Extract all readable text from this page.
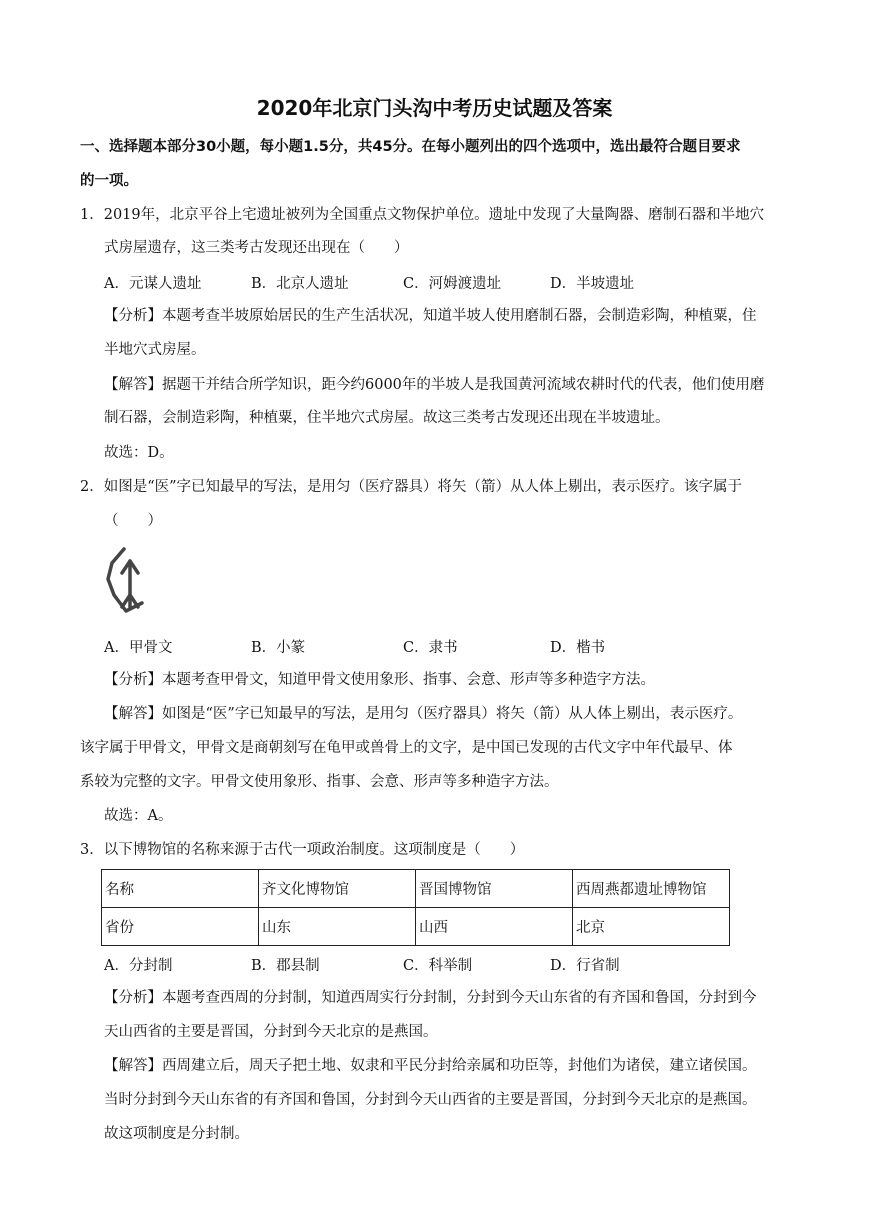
2020年北京门头沟中考历史试题及答案
一、选择题本部分30小题，每小题1.5分，共45分。在每小题列出的四个选项中，选出最符合题目要求
的一项。
1．2019年，北京平谷上宅遗址被列为全国重点文物保护单位。遗址中发现了大量陶器、磨制石器和半地穴
式房屋遗存，这三类考古发现还出现在（　　）
A．元谋人遗址	B．北京人遗址	C．河姆渡遗址	D．半坡遗址
【分析】本题考查半坡原始居民的生产生活状况，知道半坡人使用磨制石器，会制造彩陶，种植粟，住
半地穴式房屋。
【解答】据题干并结合所学知识，距今约6000年的半坡人是我国黄河流域农耕时代的代表，他们使用磨
制石器，会制造彩陶，种植粟，住半地穴式房屋。故这三类考古发现还出现在半坡遗址。
故选：D。
2．如图是“医”字已知最早的写法，是用匀（医疗器具）将矢（箭）从人体上剔出，表示医疗。该字属于
（　　）
A．甲骨文	B．小篆	C．隶书	D．楷书
【分析】本题考查甲骨文，知道甲骨文使用象形、指事、会意、形声等多种造字方法。
【解答】如图是“医”字已知最早的写法，是用匀（医疗器具）将矢（箭）从人体上剔出，表示医疗。
该字属于甲骨文，甲骨文是商朝刻写在龟甲或兽骨上的文字，是中国已发现的古代文字中年代最早、体
系较为完整的文字。甲骨文使用象形、指事、会意、形声等多种造字方法。
故选：A。
3．以下博物馆的名称来源于古代一项政治制度。这项制度是（　　）
名称	齐文化博物馆	晋国博物馆	西周燕都遗址博物馆
省份	山东	山西	北京
A．分封制	B．郡县制	C．科举制	D．行省制
【分析】本题考查西周的分封制，知道西周实行分封制，分封到今天山东省的有齐国和鲁国，分封到今
天山西省的主要是晋国，分封到今天北京的是燕国。
【解答】西周建立后，周天子把土地、奴隶和平民分封给亲属和功臣等，封他们为诸侯，建立诸侯国。
当时分封到今天山东省的有齐国和鲁国，分封到今天山西省的主要是晋国，分封到今天北京的是燕国。
故这项制度是分封制。
